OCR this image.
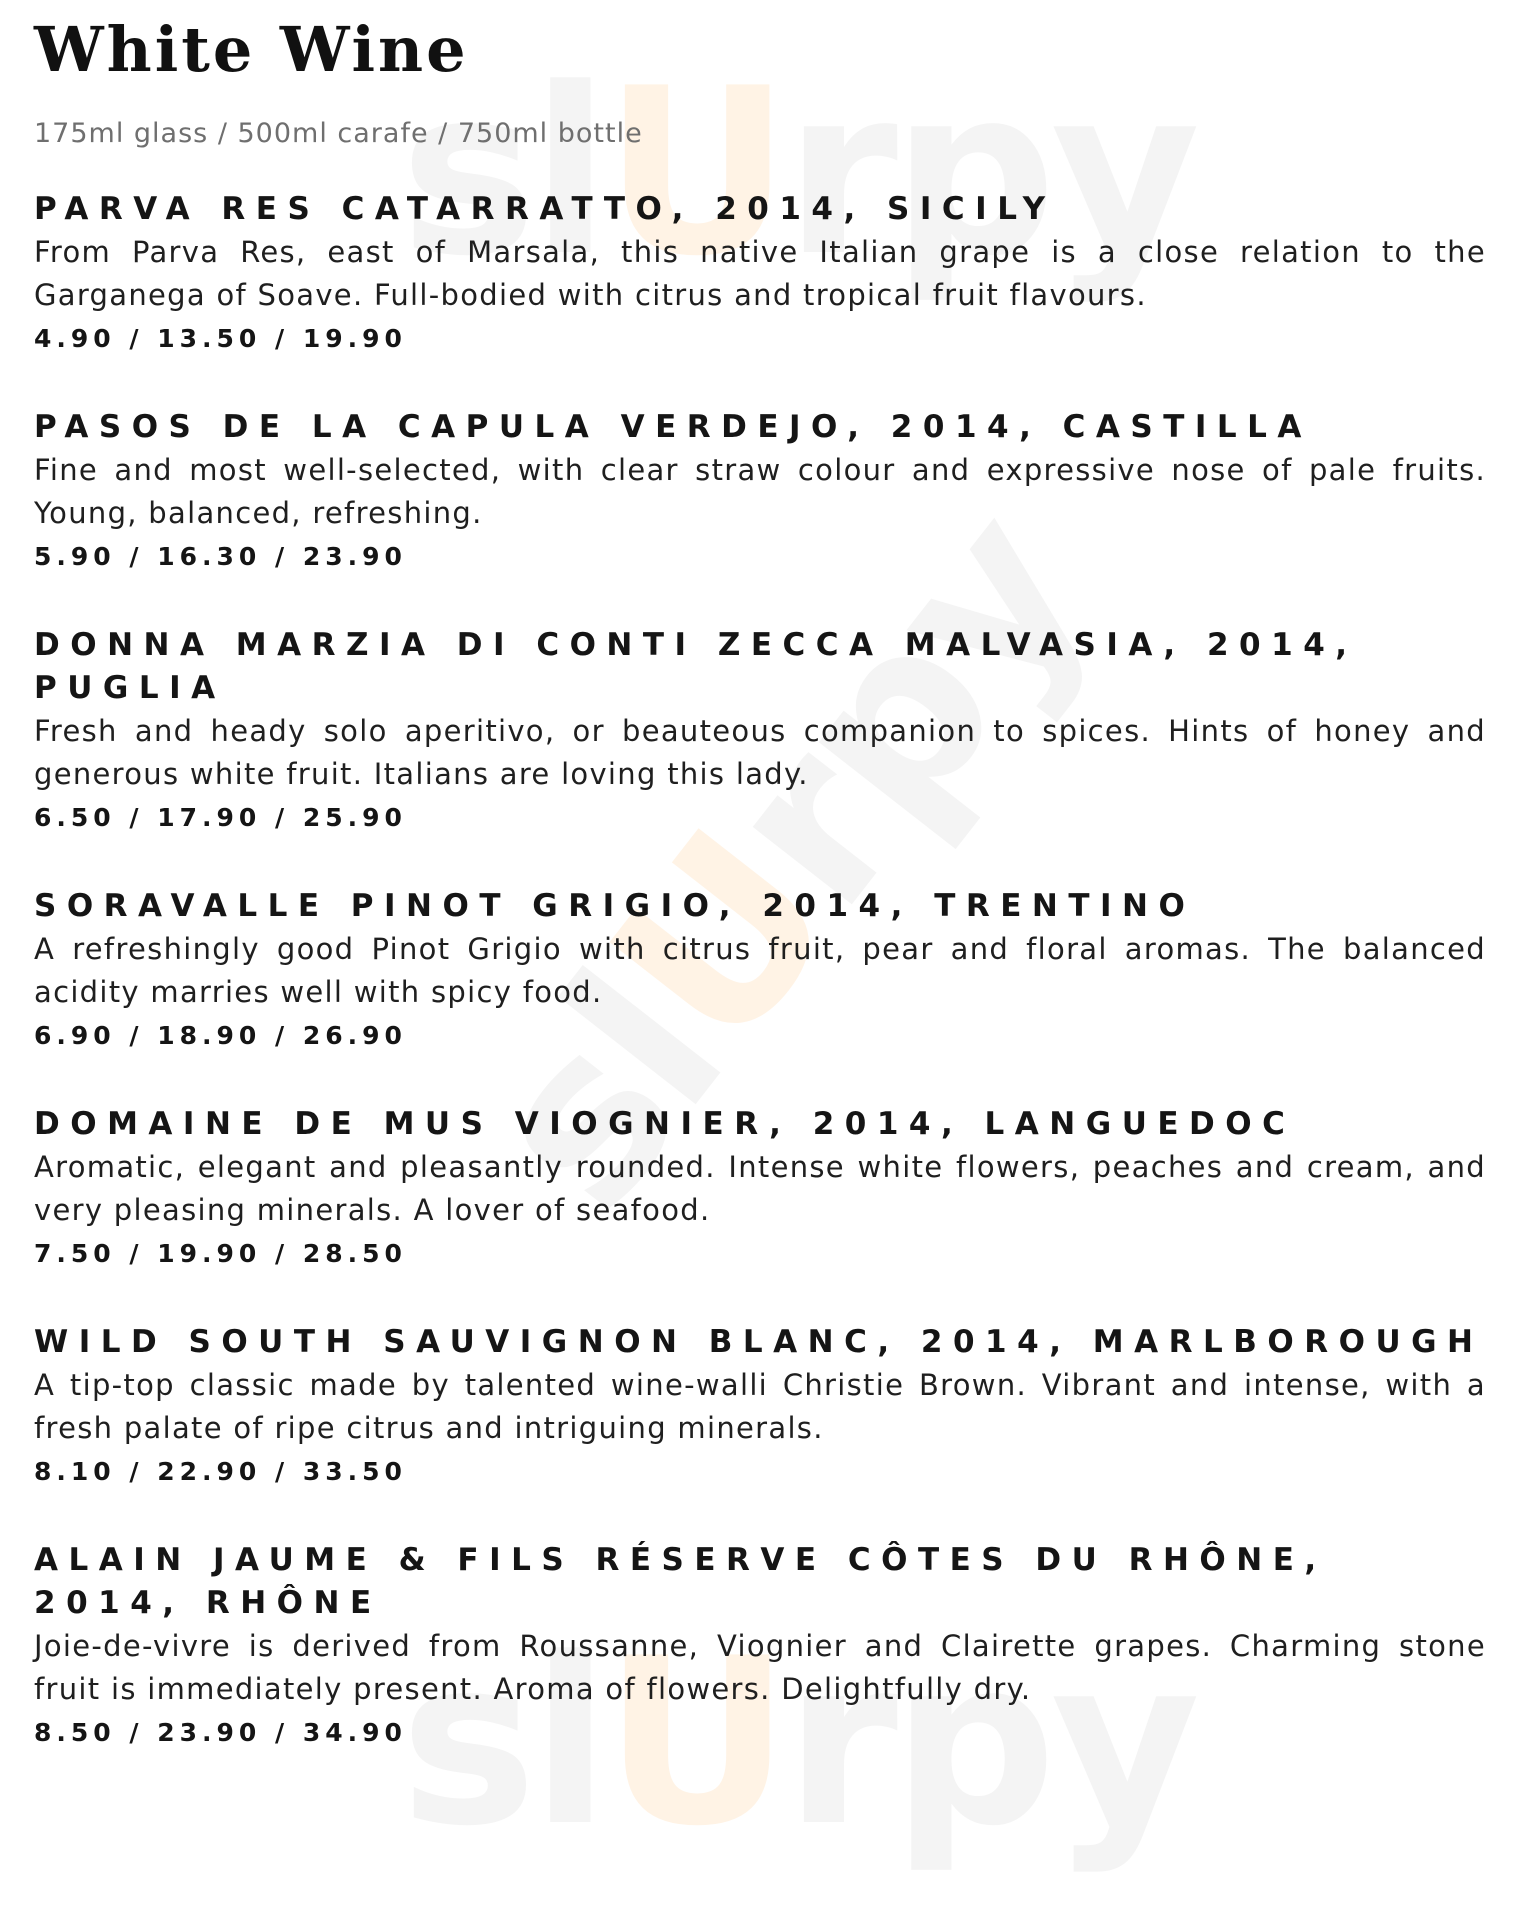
U
U
U
White Wine

175ml glass / 500ml carafe / 750ml bottle

PARVA RES CATARRATTO, 2014, SICILY

From Parva Res, east of Marsala, this native Italian grape is a close relation to the Garganega of Soave. Full-bodied with citrus and tropical fruit flavours.

4.90 / 13.50 / 19.90

PASOS DE LA CAPULA VERDEJO, 2014, CASTILLA

Fine and most well-selected, with clear straw colour and expressive nose of pale fruits. Young, balanced, refreshing.

5.90 / 16.30 / 23.90

DONNA MARZIA DI CONTI ZECCA MALVASIA, 2014, PUGLIA

Fresh and heady solo aperitivo, or beauteous companion to spices. Hints of honey and generous white fruit. Italians are loving this lady.

6.50 / 17.90 / 25.90

SORAVALLE PINOT GRIGIO, 2014, TRENTINO

A refreshingly good Pinot Grigio with citrus fruit, pear and floral aromas. The balanced acidity marries well with spicy food.

6.90 / 18.90 / 26.90

DOMAINE DE MUS VIOGNIER, 2014, LANGUEDOC

Aromatic, elegant and pleasantly rounded. Intense white flowers, peaches and cream, and very pleasing minerals. A lover of seafood.

7.50 / 19.90 / 28.50

WILD SOUTH SAUVIGNON BLANC, 2014, MARLBOROUGH

A tip-top classic made by talented wine-walli Christie Brown. Vibrant and intense, with a fresh palate of ripe citrus and intriguing minerals.

8.10 / 22.90 / 33.50

ALAIN JAUME & FILS RÉSERVE CÔTES DU RHÔNE, 2014, RHÔNE

Joie-de-vivre is derived from Roussanne, Viognier and Clairette grapes. Charming stone fruit is immediately present. Aroma of flowers. Delightfully dry.

8.50 / 23.90 / 34.90
